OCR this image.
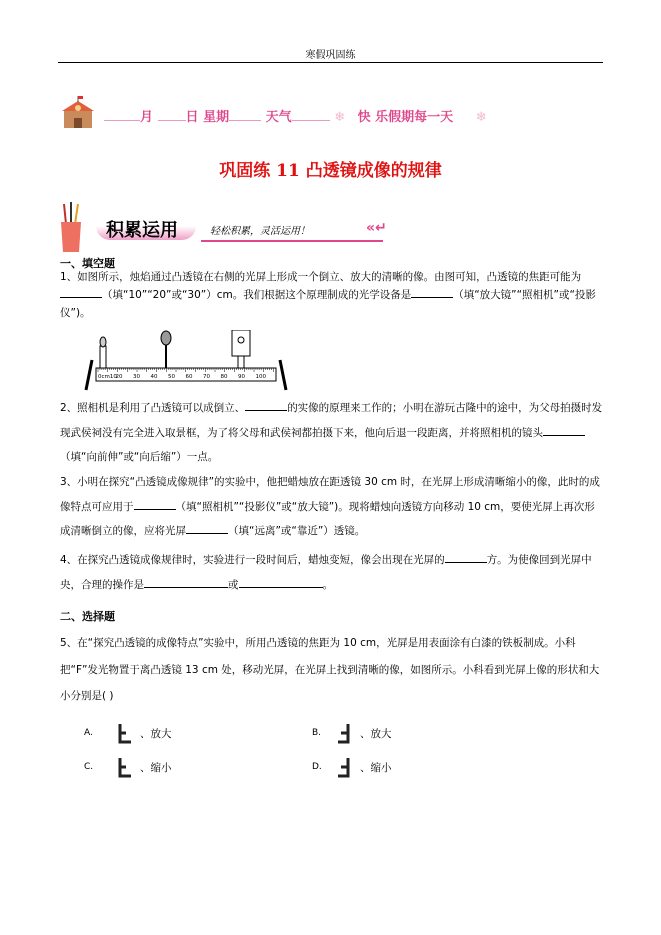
寒假巩固练
月	日 星期	天气	❄ 快 乐假期每一天 ❄
巩固练 11 凸透镜成像的规律
积累运用	轻松积累，灵活运用！	«↵
一、填空题
1、如图所示，烛焰通过凸透镜在右侧的光屏上形成一个倒立、放大的清晰的像。由图可知，凸透镜的焦距可能为（填“10”“20”或“30”）cm。我们根据这个原理制成的光学设备是	（填“放大镜”“照相机”或“投影仪”)。
0cm10
20 30 40 50 60 70 80 90 100
2、照相机是利用了凸透镜可以成倒立、	的实像的原理来工作的；小明在游玩古隆中的途中，为父母拍摄时发现武侯祠没有完全进入取景框，为了将父母和武侯祠都拍摄下来，他向后退一段距离，并将照相机的镜头（填“向前伸”或“向后缩”）一点。
3、小明在探究“凸透镜成像规律”的实验中，他把蜡烛放在距透镜 30 cm 时，在光屏上形成清晰缩小的像，此时的成像特点可应用于	（填“照相机”“投影仪”或“放大镜”)。现将蜡烛向透镜方向移动 10 cm，要使光屏上再次形成清晰倒立的像，应将光屏	（填“远离”或“靠近”）透镜。
4、在探究凸透镜成像规律时，实验进行一段时间后，蜡烛变短，像会出现在光屏的	方。为使像回到光屏中央，合理的操作是	或	。
二、选择题
5、在“探究凸透镜的成像特点”实验中，所用凸透镜的焦距为 10 cm，光屏是用表面涂有白漆的铁板制成。小科把“F”发光物置于离凸透镜 13 cm 处，移动光屏，在光屏上找到清晰的像，如图所示。小科看到光屏上像的形状和大小分别是( )
A.	、放大	B.	、放大
C.	、缩小	D.	、缩小
